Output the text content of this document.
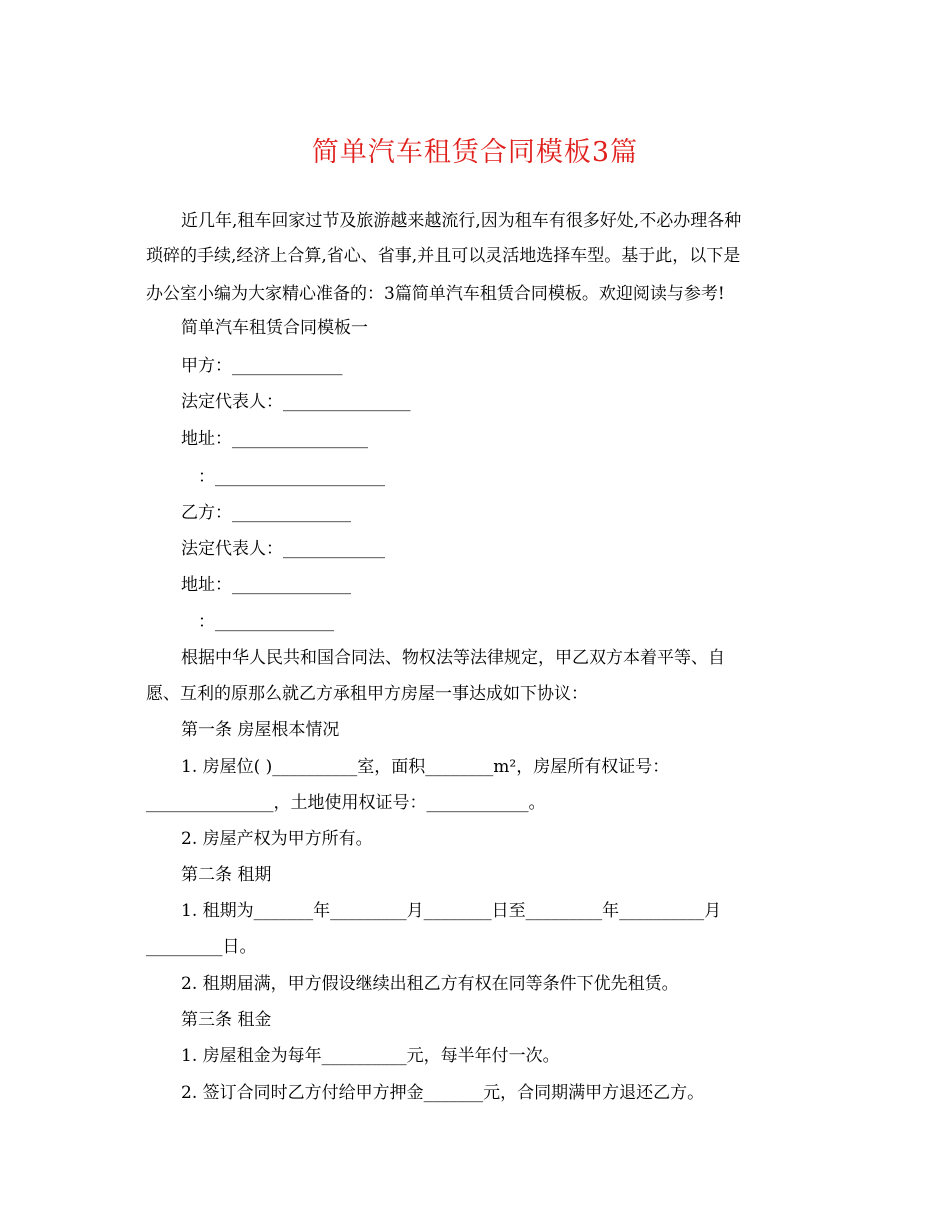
简单汽车租赁合同模板3篇
近几年,租车回家过节及旅游越来越流行,因为租车有很多好处,不必办理各种
琐碎的手续,经济上合算,省心、省事,并且可以灵活地选择车型。基于此，以下是
办公室小编为大家精心准备的：3篇简单汽车租赁合同模板。欢迎阅读与参考!
简单汽车租赁合同模板一
甲方：_____________
法定代表人：_______________
地址：________________
　：____________________
乙方：______________
法定代表人：____________
地址：______________
　：______________
根据中华人民共和国合同法、物权法等法律规定，甲乙双方本着平等、自
愿、互利的原那么就乙方承租甲方房屋一事达成如下协议：
第一条 房屋根本情况
1. 房屋位( )__________室，面积________m²，房屋所有权证号：
_______________，土地使用权证号：____________。
2. 房屋产权为甲方所有。
第二条 租期
1. 租期为_______年_________月________日至_________年__________月
_________日。
2. 租期届满，甲方假设继续出租乙方有权在同等条件下优先租赁。
第三条 租金
1. 房屋租金为每年__________元，每半年付一次。
2. 签订合同时乙方付给甲方押金_______元，合同期满甲方退还乙方。
